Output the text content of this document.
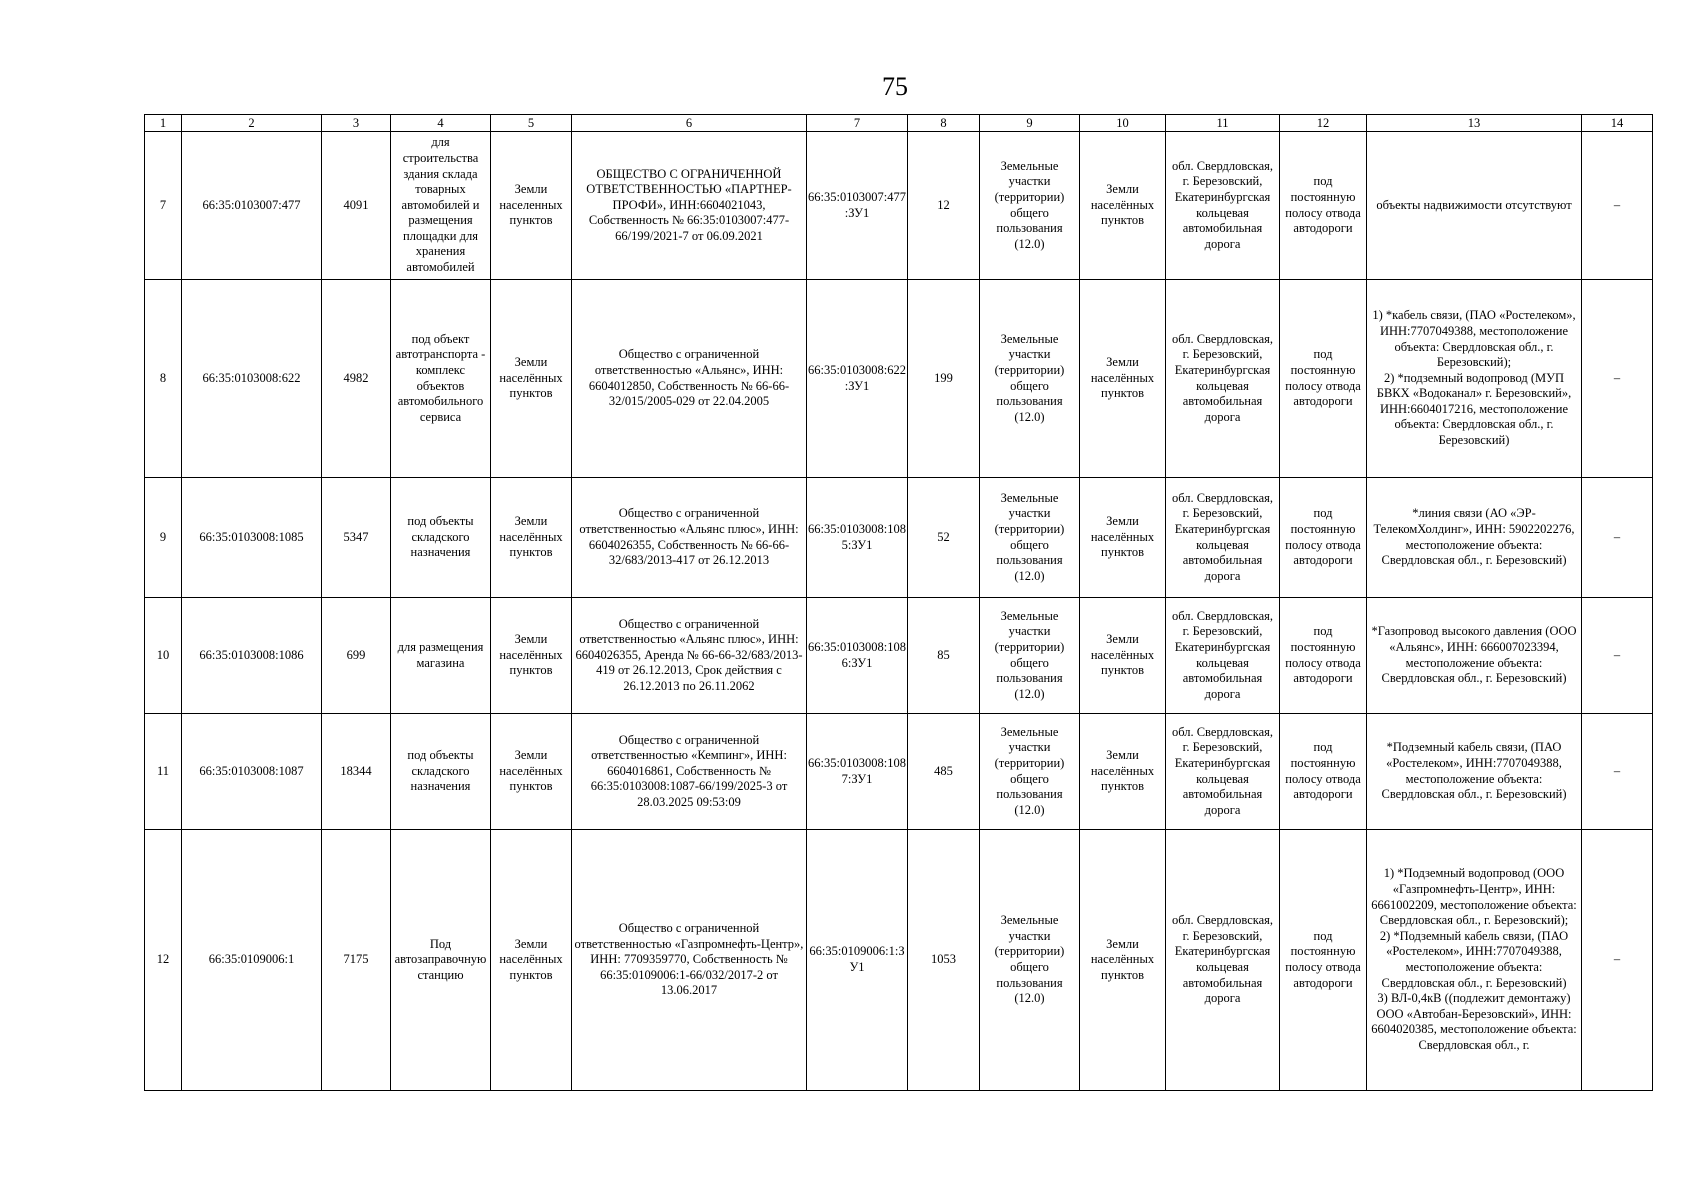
75
1	2	3	4	5	6	7	8	9	10	11	12	13	14
7	66:35:0103007:477	4091	для строительства здания склада товарных автомобилей и размещения площадки для хранения автомобилей	Земли населенных пунктов	ОБЩЕСТВО С ОГРАНИЧЕННОЙ ОТВЕТСТВЕННОСТЬЮ «ПАРТНЕР-ПРОФИ», ИНН:6604021043, Собственность № 66:35:0103007:477-66/199/2021-7 от 06.09.2021	66:35:0103007:477:ЗУ1	12	Земельные участки (территории) общего пользования (12.0)	Земли населённых пунктов	обл. Свердловская, г. Березовский, Екатеринбургская кольцевая автомобильная дорога	под постоянную полосу отвода автодороги	объекты надвижимости отсутствуют	–
8	66:35:0103008:622	4982	под объект автотранспорта - комплекс объектов автомобильного сервиса	Земли населённых пунктов	Общество с ограниченной ответственностью «Альянс», ИНН: 6604012850, Собственность № 66-66-32/015/2005-029 от 22.04.2005	66:35:0103008:622:ЗУ1	199	Земельные участки (территории) общего пользования (12.0)	Земли населённых пунктов	обл. Свердловская, г. Березовский, Екатеринбургская кольцевая автомобильная дорога	под постоянную полосу отвода автодороги	1) *кабель связи, (ПАО «Ростелеком», ИНН:7707049388, местоположение объекта: Свердловская обл., г. Березовский);
2) *подземный водопровод (МУП БВКХ «Водоканал» г. Березовский», ИНН:6604017216, местоположение объекта: Свердловская обл., г. Березовский)	–
9	66:35:0103008:1085	5347	под объекты складского назначения	Земли населённых пунктов	Общество с ограниченной ответственностью «Альянс плюс», ИНН: 6604026355, Собственность № 66-66-32/683/2013-417 от 26.12.2013	66:35:0103008:1085:ЗУ1	52	Земельные участки (территории) общего пользования (12.0)	Земли населённых пунктов	обл. Свердловская, г. Березовский, Екатеринбургская кольцевая автомобильная дорога	под постоянную полосу отвода автодороги	*линия связи (АО «ЭР-ТелекомХолдинг», ИНН: 5902202276, местоположение объекта: Свердловская обл., г. Березовский)	–
10	66:35:0103008:1086	699	для размещения магазина	Земли населённых пунктов	Общество с ограниченной ответственностью «Альянс плюс», ИНН: 6604026355, Аренда № 66-66-32/683/2013-419 от 26.12.2013, Срок действия с 26.12.2013 по 26.11.2062	66:35:0103008:1086:ЗУ1	85	Земельные участки (территории) общего пользования (12.0)	Земли населённых пунктов	обл. Свердловская, г. Березовский, Екатеринбургская кольцевая автомобильная дорога	под постоянную полосу отвода автодороги	*Газопровод высокого давления (ООО «Альянс», ИНН: 666007023394, местоположение объекта: Свердловская обл., г. Березовский)	–
11	66:35:0103008:1087	18344	под объекты складского назначения	Земли населённых пунктов	Общество с ограниченной ответственностью «Кемпинг», ИНН: 6604016861, Собственность № 66:35:0103008:1087-66/199/2025-3 от 28.03.2025 09:53:09	66:35:0103008:1087:ЗУ1	485	Земельные участки (территории) общего пользования (12.0)	Земли населённых пунктов	обл. Свердловская, г. Березовский, Екатеринбургская кольцевая автомобильная дорога	под постоянную полосу отвода автодороги	*Подземный кабель связи, (ПАО «Ростелеком», ИНН:7707049388, местоположение объекта: Свердловская обл., г. Березовский)	–
12	66:35:0109006:1	7175	Под автозаправочную станцию	Земли населённых пунктов	Общество с ограниченной ответственностью «Газпромнефть-Центр», ИНН: 7709359770, Собственность № 66:35:0109006:1-66/032/2017-2 от 13.06.2017	66:35:0109006:1:ЗУ1	1053	Земельные участки (территории) общего пользования (12.0)	Земли населённых пунктов	обл. Свердловская, г. Березовский, Екатеринбургская кольцевая автомобильная дорога	под постоянную полосу отвода автодороги	1) *Подземный водопровод (ООО «Газпромнефть-Центр», ИНН: 6661002209, местоположение объекта: Свердловская обл., г. Березовский);
2) *Подземный кабель связи, (ПАО «Ростелеком», ИНН:7707049388, местоположение объекта: Свердловская обл., г. Березовский)
3) ВЛ-0,4кВ ((подлежит демонтажу) ООО «Автобан-Березовский», ИНН: 6604020385, местоположение объекта: Свердловская обл., г.	–
